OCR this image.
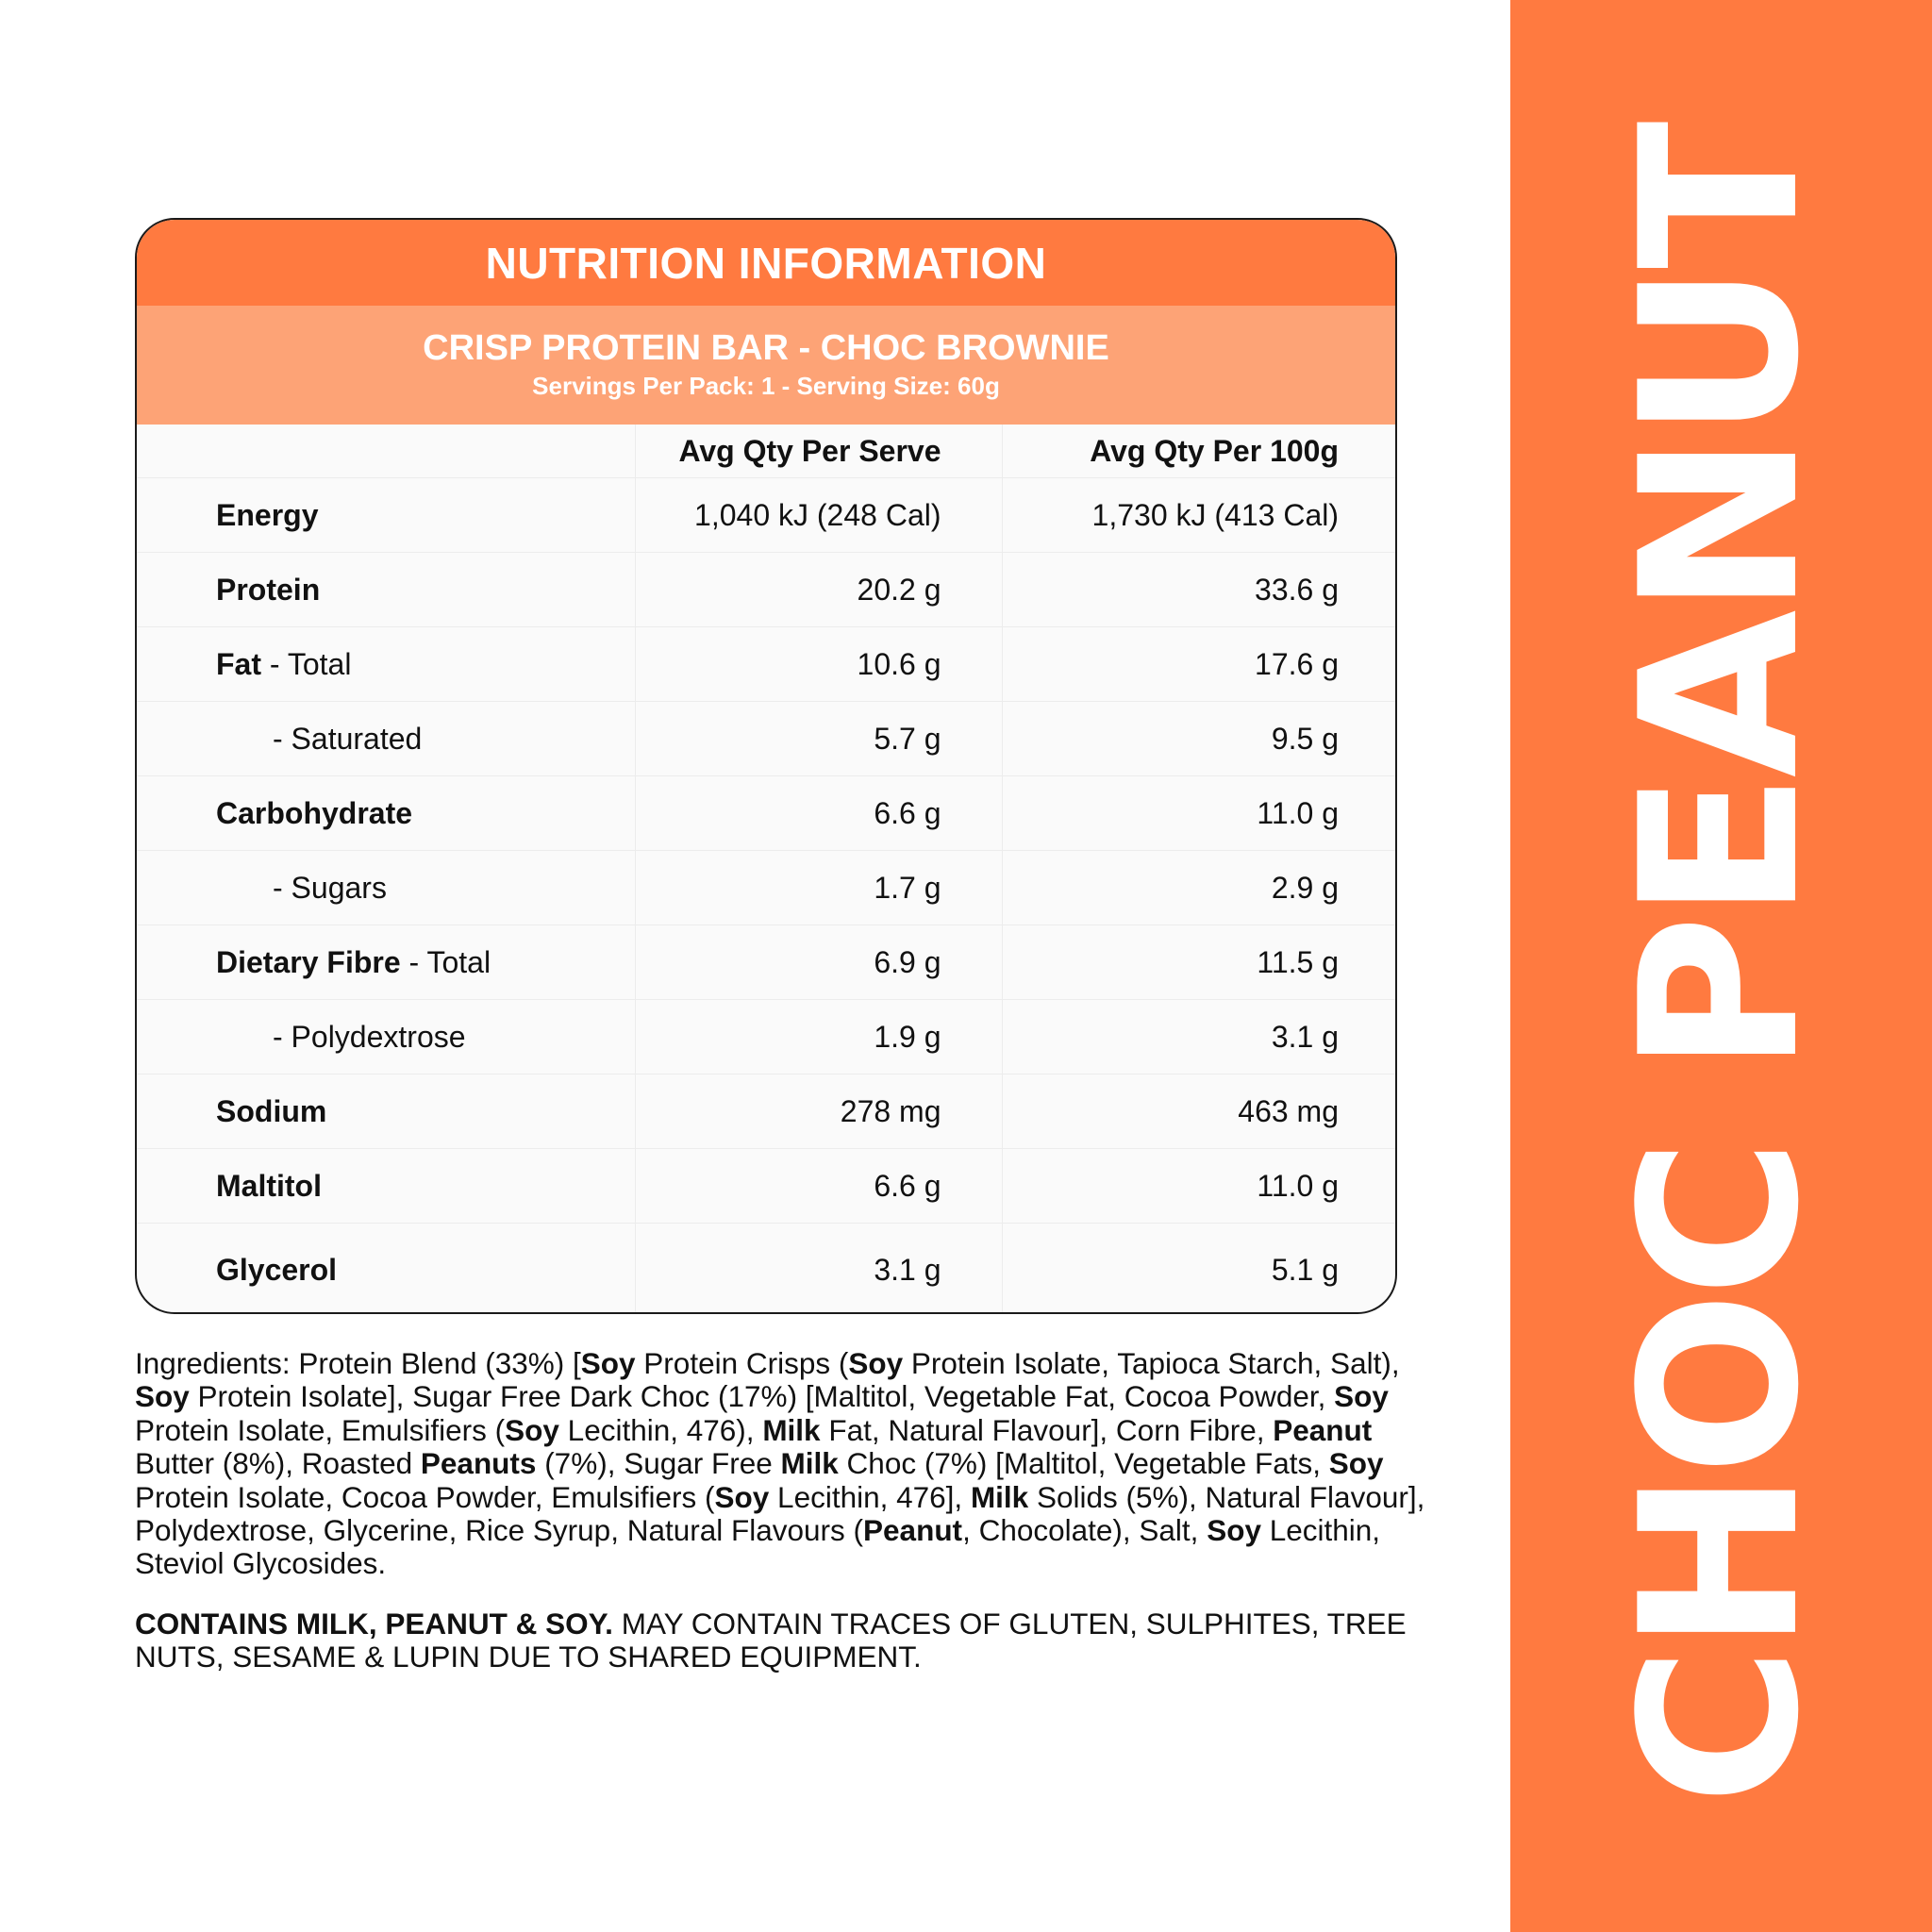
CHOC PEANUT
NUTRITION INFORMATION
CRISP PROTEIN BAR - CHOC BROWNIE
Servings Per Pack: 1 - Serving Size: 60g

	Avg Qty Per Serve	Avg Qty Per 100g

Energy	1,040 kJ (248 Cal)	1,730 kJ (413 Cal)

Protein	20.2 g	33.6 g

Fat - Total	10.6 g	17.6 g

- Saturated	5.7 g	9.5 g

Carbohydrate	6.6 g	11.0 g

- Sugars	1.7 g	2.9 g

Dietary Fibre - Total	6.9 g	11.5 g

- Polydextrose	1.9 g	3.1 g

Sodium	278 mg	463 mg

Maltitol	6.6 g	11.0 g

Glycerol	3.1 g	5.1 g
Ingredients: Protein Blend (33%) [Soy Protein Crisps (Soy Protein Isolate, Tapioca Starch, Salt), Soy Protein Isolate], Sugar Free Dark Choc (17%) [Maltitol, Vegetable Fat, Cocoa Powder, Soy Protein Isolate, Emulsifiers (Soy Lecithin, 476), Milk Fat, Natural Flavour], Corn Fibre, Peanut Butter (8%), Roasted Peanuts (7%), Sugar Free Milk Choc (7%) [Maltitol, Vegetable Fats, Soy Protein Isolate, Cocoa Powder, Emulsifiers (Soy Lecithin, 476], Milk Solids (5%), Natural Flavour], Polydextrose, Glycerine, Rice Syrup, Natural Flavours (Peanut, Chocolate), Salt, Soy Lecithin, Steviol Glycosides.
CONTAINS MILK, PEANUT & SOY. MAY CONTAIN TRACES OF GLUTEN, SULPHITES, TREE NUTS, SESAME & LUPIN DUE TO SHARED EQUIPMENT.
